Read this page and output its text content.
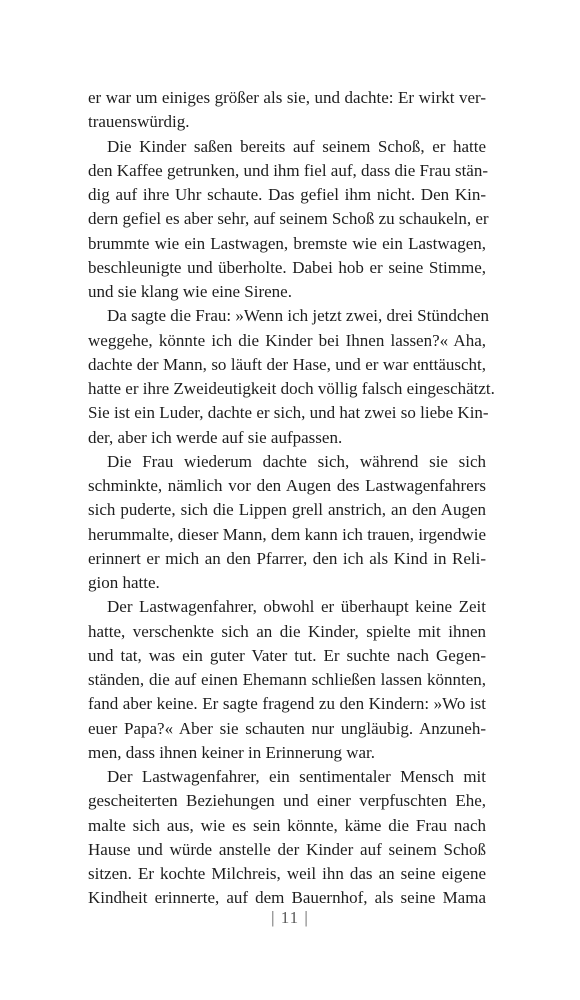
er war um einiges größer als sie, und dachte: Er wirkt ver-
trauenswürdig.
Die Kinder saßen bereits auf seinem Schoß, er hatte
den Kaffee getrunken, und ihm fiel auf, dass die Frau stän-
dig auf ihre Uhr schaute. Das gefiel ihm nicht. Den Kin-
dern gefiel es aber sehr, auf seinem Schoß zu schaukeln, er
brummte wie ein Lastwagen, bremste wie ein Lastwagen,
beschleunigte und überholte. Dabei hob er seine Stimme,
und sie klang wie eine Sirene.
Da sagte die Frau: »Wenn ich jetzt zwei, drei Stündchen
weggehe, könnte ich die Kinder bei Ihnen lassen?« Aha,
dachte der Mann, so läuft der Hase, und er war enttäuscht,
hatte er ihre Zweideutigkeit doch völlig falsch eingeschätzt.
Sie ist ein Luder, dachte er sich, und hat zwei so liebe Kin-
der, aber ich werde auf sie aufpassen.
Die Frau wiederum dachte sich, während sie sich
schminkte, nämlich vor den Augen des Lastwagenfahrers
sich puderte, sich die Lippen grell anstrich, an den Augen
herummalte, dieser Mann, dem kann ich trauen, irgendwie
erinnert er mich an den Pfarrer, den ich als Kind in Reli-
gion hatte.
Der Lastwagenfahrer, obwohl er überhaupt keine Zeit
hatte, verschenkte sich an die Kinder, spielte mit ihnen
und tat, was ein guter Vater tut. Er suchte nach Gegen-
ständen, die auf einen Ehemann schließen lassen könnten,
fand aber keine. Er sagte fragend zu den Kindern: »Wo ist
euer Papa?« Aber sie schauten nur ungläubig. Anzuneh-
men, dass ihnen keiner in Erinnerung war.
Der Lastwagenfahrer, ein sentimentaler Mensch mit
gescheiterten Beziehungen und einer verpfuschten Ehe,
malte sich aus, wie es sein könnte, käme die Frau nach
Hause und würde anstelle der Kinder auf seinem Schoß
sitzen. Er kochte Milchreis, weil ihn das an seine eigene
Kindheit erinnerte, auf dem Bauernhof, als seine Mama
| 11 |
